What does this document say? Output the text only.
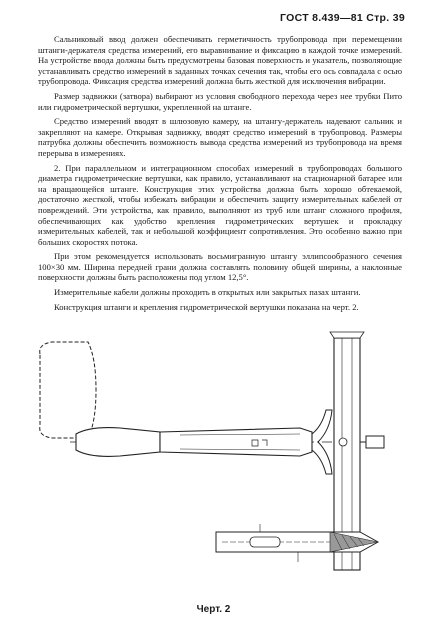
ГОСТ 8.439—81 Стр. 39

Сальниковый ввод должен обеспечивать герметичность трубопровода при перемещении штанги-держателя средства измерений, его выравнивание и фиксацию в каждой точке измерений. На устройстве ввода должны быть предусмотрены базовая поверхность и указатель, позволяющие устанавливать средство измерений в заданных точках сечения так, чтобы его ось совпадала с осью трубопровода. Фиксация средства измерений должна быть жесткой для исключения вибрации.

Размер задвижки (затвора) выбирают из условия свободного перехода через нее трубки Пито или гидрометрической вертушки, укрепленной на штанге.

Средство измерений вводят в шлюзовую камеру, на штангу-держатель надевают сальник и закрепляют на камере. Открывая задвижку, вводят средство измерений в трубопровод. Размеры патрубка должны обеспечить возможность вывода средства измерений из трубопровода на время перерыва в измерениях.

2. При параллельном и интеграционном способах измерений в трубопроводах большого диаметра гидрометрические вертушки, как правило, устанавливают на стационарной батарее или на вращающейся штанге. Конструкция этих устройства должна быть хорошо обтекаемой, достаточно жесткой, чтобы избежать вибрации и обеспечить защиту измерительных кабелей от повреждений. Эти устройства, как правило, выполняют из труб или штанг сложного профиля, обеспечивающих как удобство крепления гидрометрических вертушек и прокладку измерительных кабелей, так и небольшой коэффициент сопротивления. Это особенно важно при больших скоростях потока.

При этом рекомендуется использовать восьмигранную штангу эллипсообразного сечения 100×30 мм. Ширина передней грани должна составлять половину общей ширины, а наклонные поверхности должны быть расположены под углом 12,5°.

Измерительные кабели должны проходить в открытых или закрытых пазах штанги.

Конструкция штанги и крепления гидрометрической вертушки показана на черт. 2.

Черт. 2
